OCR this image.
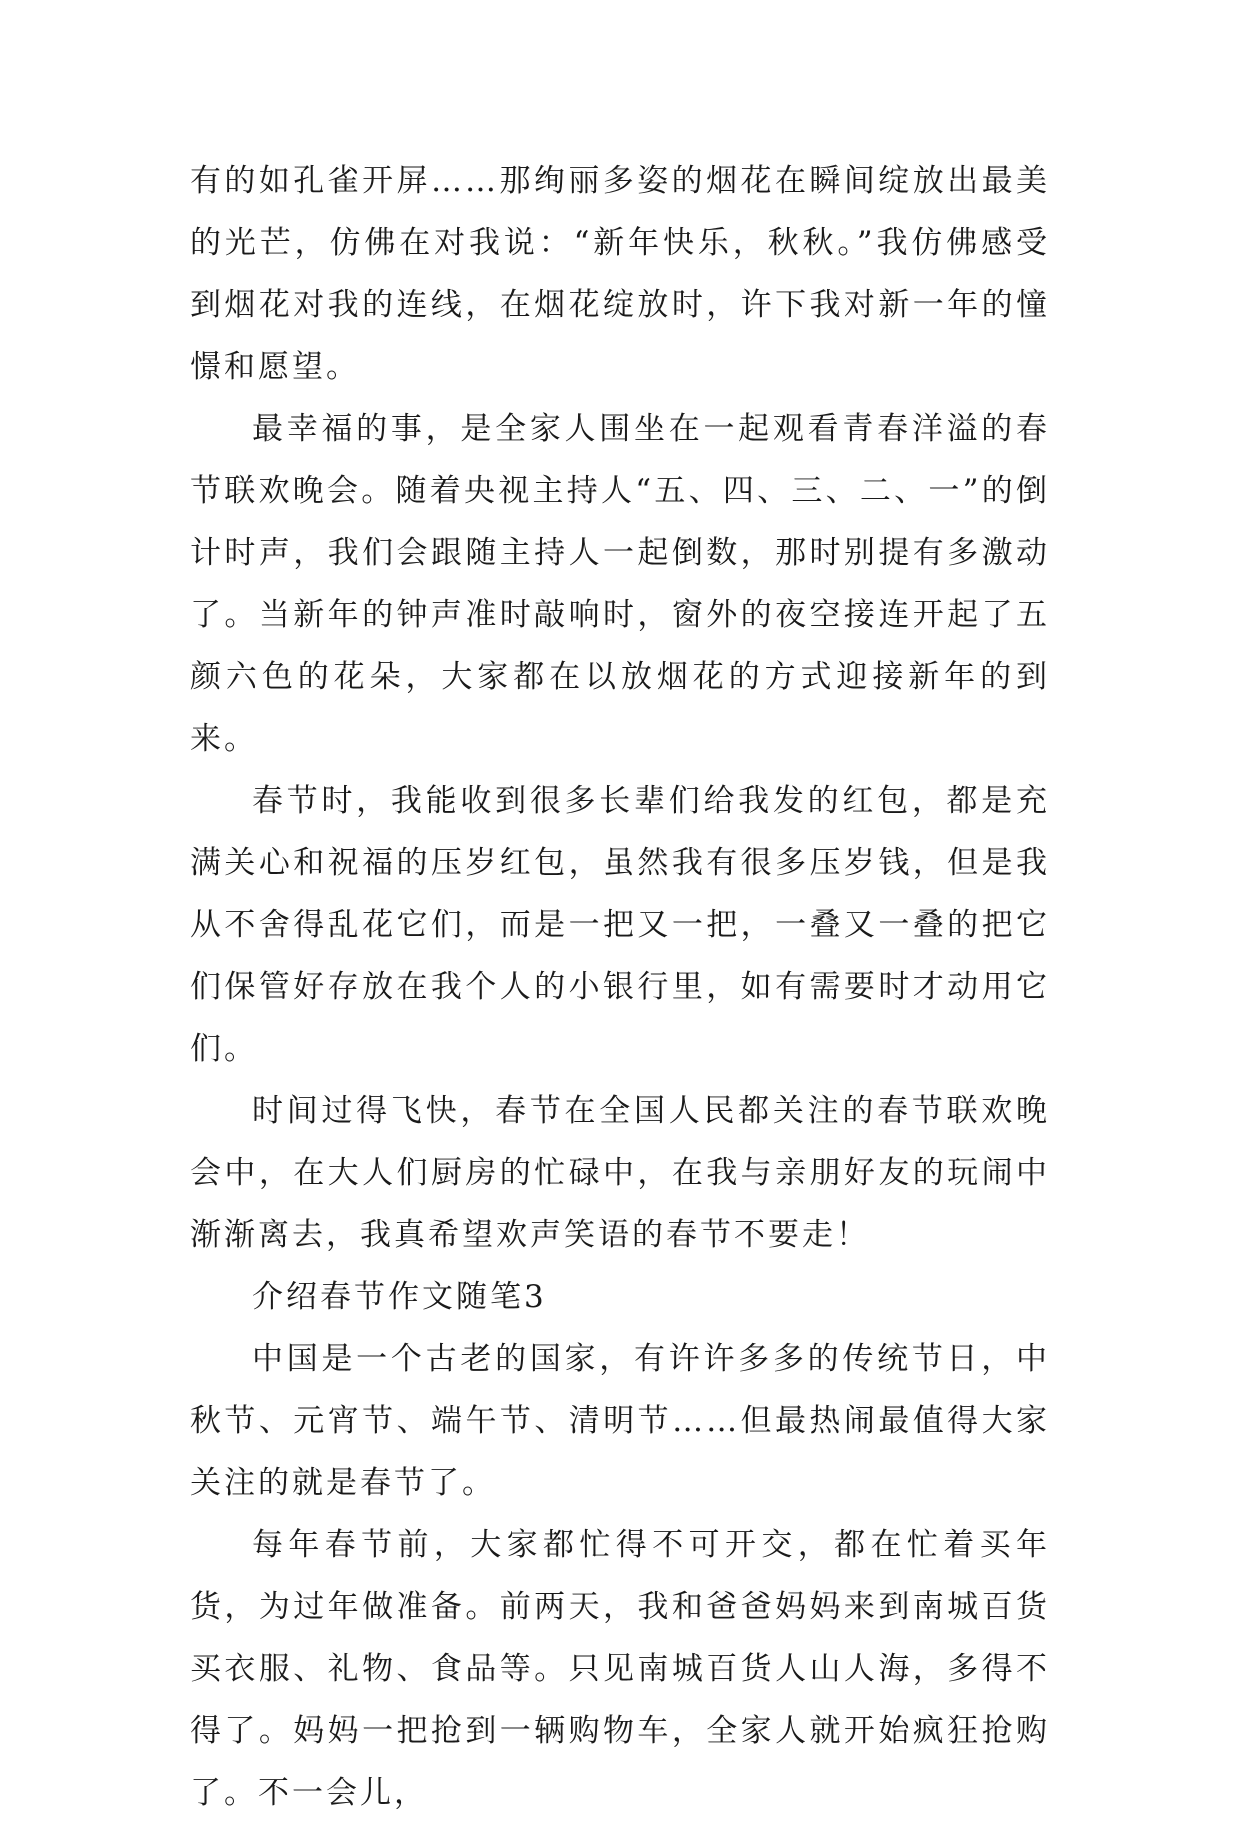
有的如孔雀开屏……那绚丽多姿的烟花在瞬间绽放出最美的光芒，仿佛在对我说：“新年快乐，秋秋。”我仿佛感受到烟花对我的连线，在烟花绽放时，许下我对新一年的憧憬和愿望。

最幸福的事，是全家人围坐在一起观看青春洋溢的春节联欢晚会。随着央视主持人“五、四、三、二、一”的倒计时声，我们会跟随主持人一起倒数，那时别提有多激动了。当新年的钟声准时敲响时，窗外的夜空接连开起了五颜六色的花朵，大家都在以放烟花的方式迎接新年的到来。

春节时，我能收到很多长辈们给我发的红包，都是充满关心和祝福的压岁红包，虽然我有很多压岁钱，但是我从不舍得乱花它们，而是一把又一把，一叠又一叠的把它们保管好存放在我个人的小银行里，如有需要时才动用它们。

时间过得飞快，春节在全国人民都关注的春节联欢晚会中，在大人们厨房的忙碌中，在我与亲朋好友的玩闹中渐渐离去，我真希望欢声笑语的春节不要走！

介绍春节作文随笔3

中国是一个古老的国家，有许许多多的传统节日，中秋节、元宵节、端午节、清明节……但最热闹最值得大家关注的就是春节了。

每年春节前，大家都忙得不可开交，都在忙着买年货，为过年做准备。前两天，我和爸爸妈妈来到南城百货买衣服、礼物、食品等。只见南城百货人山人海，多得不得了。妈妈一把抢到一辆购物车，全家人就开始疯狂抢购了。不一会儿，
